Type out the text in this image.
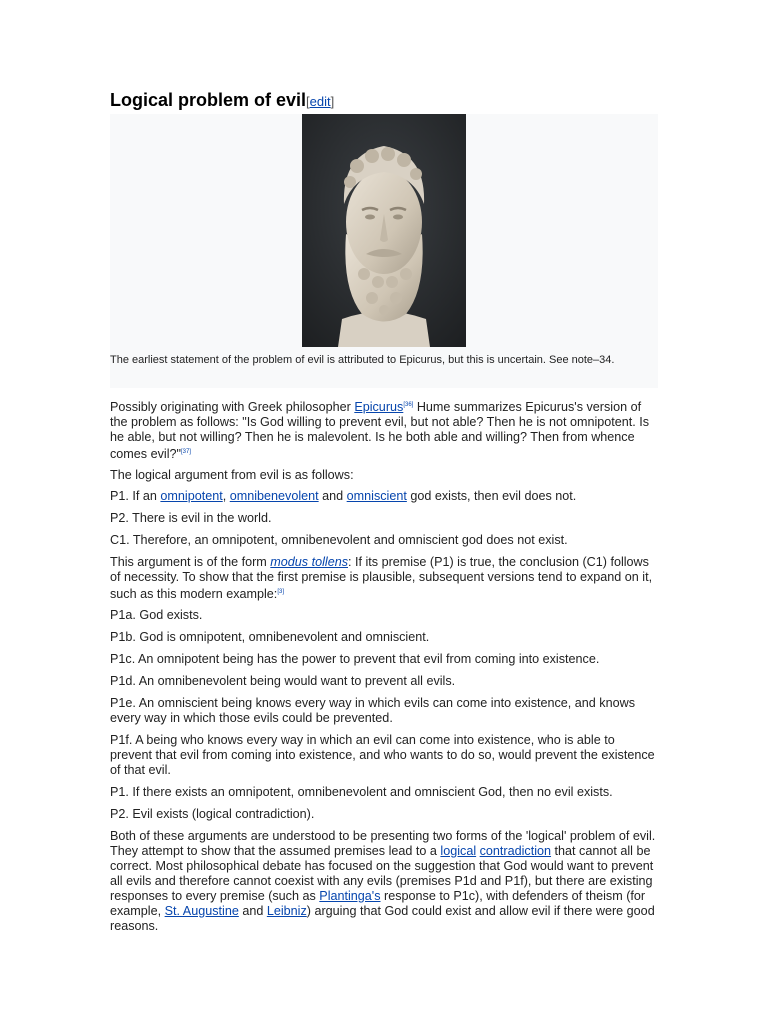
Logical problem of evil[edit]
The earliest statement of the problem of evil is attributed to Epicurus, but this is uncertain. See note–34.

Possibly originating with Greek philosopher Epicurus[36] Hume summarizes Epicurus's version of the problem as follows: "Is God willing to prevent evil, but not able? Then he is not omnipotent. Is he able, but not willing? Then he is malevolent. Is he both able and willing? Then from whence comes evil?"[37]

The logical argument from evil is as follows:

P1. If an omnipotent, omnibenevolent and omniscient god exists, then evil does not.

P2. There is evil in the world.

C1. Therefore, an omnipotent, omnibenevolent and omniscient god does not exist.

This argument is of the form modus tollens: If its premise (P1) is true, the conclusion (C1) follows of necessity. To show that the first premise is plausible, subsequent versions tend to expand on it, such as this modern example:[3]

P1a. God exists.

P1b. God is omnipotent, omnibenevolent and omniscient.

P1c. An omnipotent being has the power to prevent that evil from coming into existence.

P1d. An omnibenevolent being would want to prevent all evils.

P1e. An omniscient being knows every way in which evils can come into existence, and knows every way in which those evils could be prevented.

P1f. A being who knows every way in which an evil can come into existence, who is able to prevent that evil from coming into existence, and who wants to do so, would prevent the existence of that evil.

P1. If there exists an omnipotent, omnibenevolent and omniscient God, then no evil exists.

P2. Evil exists (logical contradiction).

Both of these arguments are understood to be presenting two forms of the 'logical' problem of evil. They attempt to show that the assumed premises lead to a logical contradiction that cannot all be correct. Most philosophical debate has focused on the suggestion that God would want to prevent all evils and therefore cannot coexist with any evils (premises P1d and P1f), but there are existing responses to every premise (such as Plantinga's response to P1c), with defenders of theism (for example, St. Augustine and Leibniz) arguing that God could exist and allow evil if there were good reasons.
